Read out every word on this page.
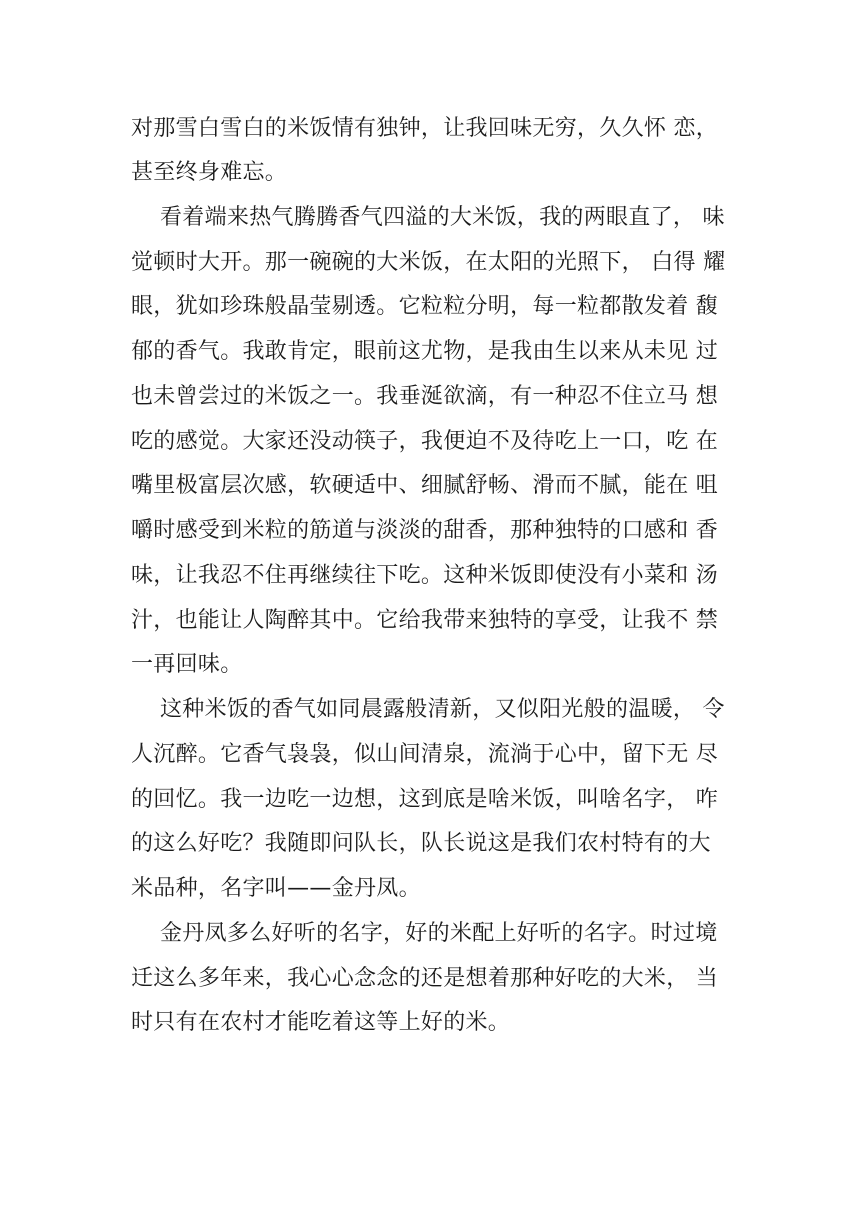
对那雪白雪白的米饭情有独钟，让我回味无穷，久久怀 恋，
甚至终身难忘。
看着端来热气腾腾香气四溢的大米饭，我的两眼直了， 味
觉顿时大开。那一碗碗的大米饭，在太阳的光照下， 白得 耀
眼，犹如珍珠般晶莹剔透。它粒粒分明，每一粒都散发着 馥
郁的香气。我敢肯定，眼前这尤物，是我由生以来从未见 过
也未曾尝过的米饭之一。我垂涎欲滴，有一种忍不住立马 想
吃的感觉。大家还没动筷子，我便迫不及待吃上一口，吃 在
嘴里极富层次感，软硬适中、细腻舒畅、滑而不腻，能在 咀
嚼时感受到米粒的筋道与淡淡的甜香，那种独特的口感和 香
味，让我忍不住再继续往下吃。这种米饭即使没有小菜和 汤
汁，也能让人陶醉其中。它给我带来独特的享受，让我不 禁
一再回味。
这种米饭的香气如同晨露般清新，又似阳光般的温暖， 令
人沉醉。它香气袅袅，似山间清泉，流淌于心中，留下无 尽
的回忆。我一边吃一边想，这到底是啥米饭，叫啥名字， 咋
的这么好吃？我随即问队长，队长说这是我们农村特有的大
米品种，名字叫——金丹凤。
金丹凤多么好听的名字，好的米配上好听的名字。时过境
迁这么多年来，我心心念念的还是想着那种好吃的大米， 当
时只有在农村才能吃着这等上好的米。
